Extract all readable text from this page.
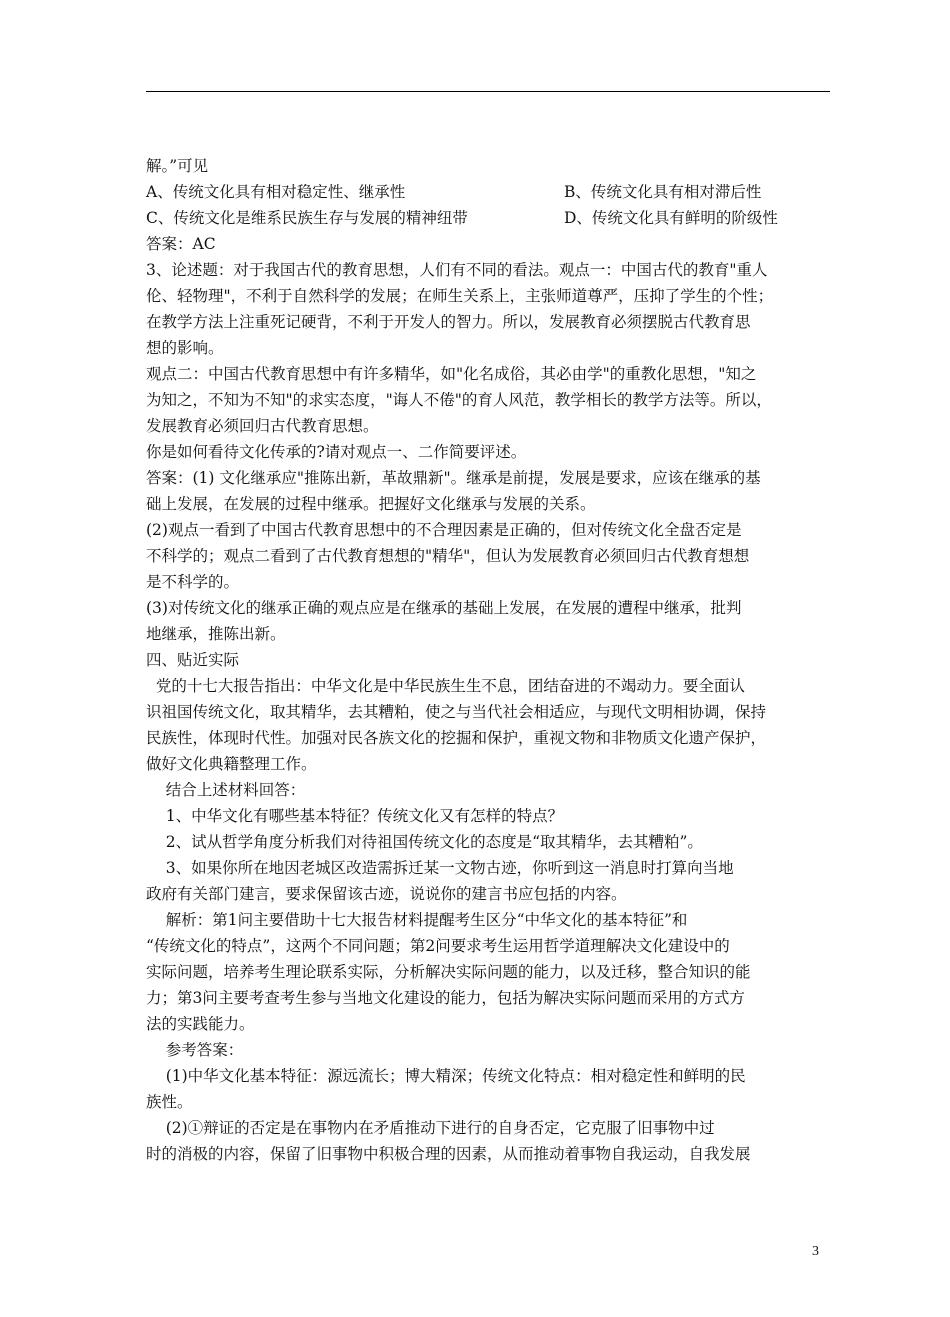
解。”可见
A、传统文化具有相对稳定性、继承性	B、传统文化具有相对滞后性
C、传统文化是维系民族生存与发展的精神纽带	D、传统文化具有鲜明的阶级性
答案：AC
3、论述题：对于我国古代的教育思想，人们有不同的看法。观点一：中国古代的教育"重人
伦、轻物理"，不利于自然科学的发展；在师生关系上，主张师道尊严，压抑了学生的个性；
在教学方法上注重死记硬背，不利于开发人的智力。所以，发展教育必须摆脱古代教育思
想的影响。
观点二：中国古代教育思想中有许多精华，如"化名成俗，其必由学"的重教化思想，"知之
为知之，不知为不知"的求实态度，"诲人不倦"的育人风范，教学相长的教学方法等。所以，
发展教育必须回归古代教育思想。
你是如何看待文化传承的?请对观点一、二作简要评述。
答案：(1) 文化继承应"推陈出新，革故鼎新"。继承是前提，发展是要求，应该在继承的基
础上发展，在发展的过程中继承。把握好文化继承与发展的关系。
(2)观点一看到了中国古代教育思想中的不合理因素是正确的，但对传统文化全盘否定是
不科学的；观点二看到了古代教育想想的"精华"，但认为发展教育必须回归古代教育想想
是不科学的。
(3)对传统文化的继承正确的观点应是在继承的基础上发展，在发展的遭程中继承，批判
地继承，推陈出新。
四、贴近实际
党的十七大报告指出：中华文化是中华民族生生不息，团结奋进的不竭动力。要全面认
识祖国传统文化，取其精华，去其糟粕，使之与当代社会相适应，与现代文明相协调，保持
民族性，体现时代性。加强对民各族文化的挖掘和保护，重视文物和非物质文化遗产保护，
做好文化典籍整理工作。
结合上述材料回答：
1、中华文化有哪些基本特征？传统文化又有怎样的特点？
2、试从哲学角度分析我们对待祖国传统文化的态度是“取其精华，去其糟粕”。
3、如果你所在地因老城区改造需拆迁某一文物古迹，你听到这一消息时打算向当地
政府有关部门建言，要求保留该古迹，说说你的建言书应包括的内容。
解析：第1问主要借助十七大报告材料提醒考生区分“中华文化的基本特征”和
“传统文化的特点”，这两个不同问题；第2问要求考生运用哲学道理解决文化建设中的
实际问题，培养考生理论联系实际，分析解决实际问题的能力，以及迁移，整合知识的能
力；第3问主要考查考生参与当地文化建设的能力，包括为解决实际问题而采用的方式方
法的实践能力。
参考答案：
(1)中华文化基本特征：源远流长；博大精深；传统文化特点：相对稳定性和鲜明的民
族性。
(2)①辩证的否定是在事物内在矛盾推动下进行的自身否定，它克服了旧事物中过
时的消极的内容，保留了旧事物中积极合理的因素，从而推动着事物自我运动，自我发展
3
